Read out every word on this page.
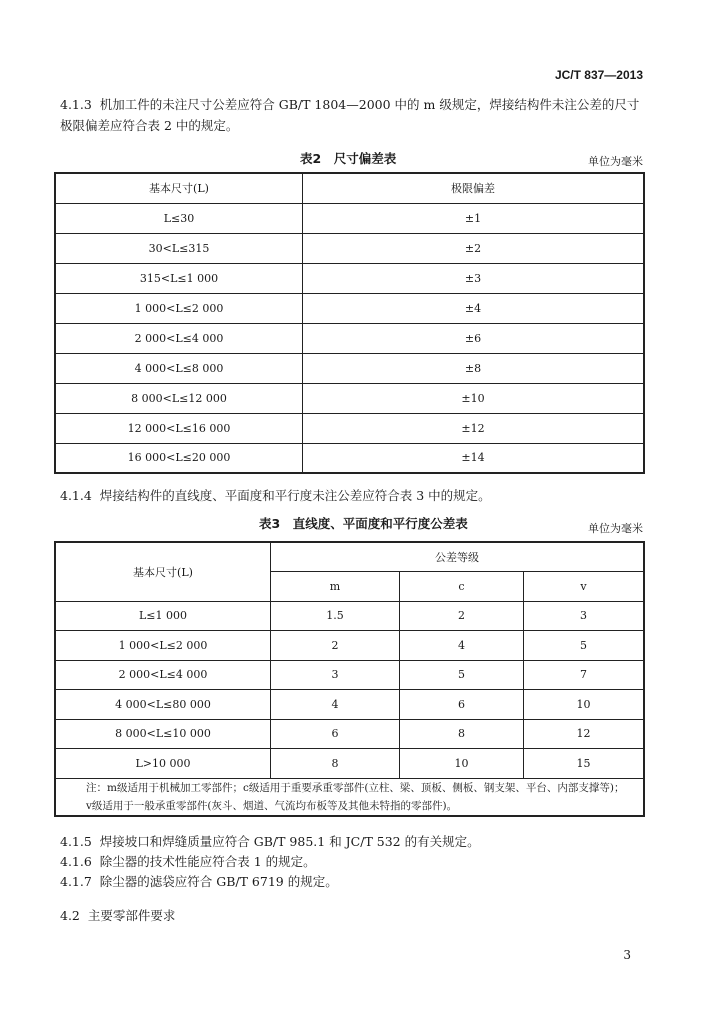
JC/T 837—2013
4.1.3 机加工件的未注尺寸公差应符合 GB/T 1804—2000 中的 m 级规定，焊接结构件未注公差的尺寸极限偏差应符合表 2 中的规定。
表2　尺寸偏差表	单位为毫米
基本尺寸(L)	极限偏差
L≤30	±1
30<L≤315	±2
315<L≤1 000	±3
1 000<L≤2 000	±4
2 000<L≤4 000	±6
4 000<L≤8 000	±8
8 000<L≤12 000	±10
12 000<L≤16 000	±12
16 000<L≤20 000	±14
4.1.4 焊接结构件的直线度、平面度和平行度未注公差应符合表 3 中的规定。
表3　直线度、平面度和平行度公差表	单位为毫米
基本尺寸(L)	公差等级		
	m	c	v
L≤1 000	1.5	2	3
1 000<L≤2 000	2	4	5
2 000<L≤4 000	3	5	7
4 000<L≤80 000	4	6	10
8 000<L≤10 000	6	8	12
L>10 000	8	10	15

注：m级适用于机械加工零部件；c级适用于重要承重零部件(立柱、梁、顶板、侧板、钢支架、平台、内部支撑等)；
v级适用于一般承重零部件(灰斗、烟道、气流均布板等及其他未特指的零部件)。			
4.1.5 焊接坡口和焊缝质量应符合 GB/T 985.1 和 JC/T 532 的有关规定。
4.1.6 除尘器的技术性能应符合表 1 的规定。
4.1.7 除尘器的滤袋应符合 GB/T 6719 的规定。
4.2 主要零部件要求
3
